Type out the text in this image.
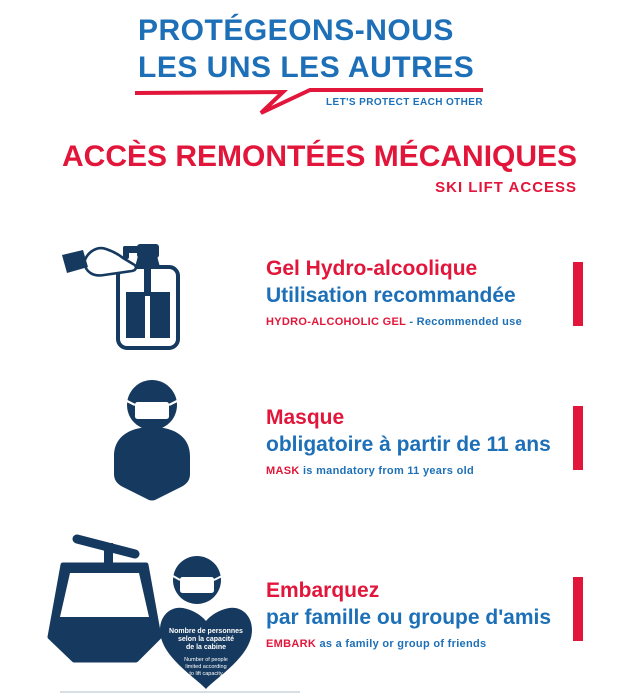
PROTÉGEONS-NOUS
LES UNS LES AUTRES
LET'S PROTECT EACH OTHER
ACCÈS REMONTÉES MÉCANIQUES
SKI LIFT ACCESS
Gel Hydro-alcoolique
Utilisation recommandée
HYDRO-ALCOHOLIC GEL - Recommended use
Masque
obligatoire à partir de 11 ans
MASK is mandatory from 11 years old
Nombre de personnes
selon la capacité
de la cabine
Number of people
limited according
to lift capacity
Embarquez
par famille ou groupe d'amis
EMBARK as a family or group of friends
